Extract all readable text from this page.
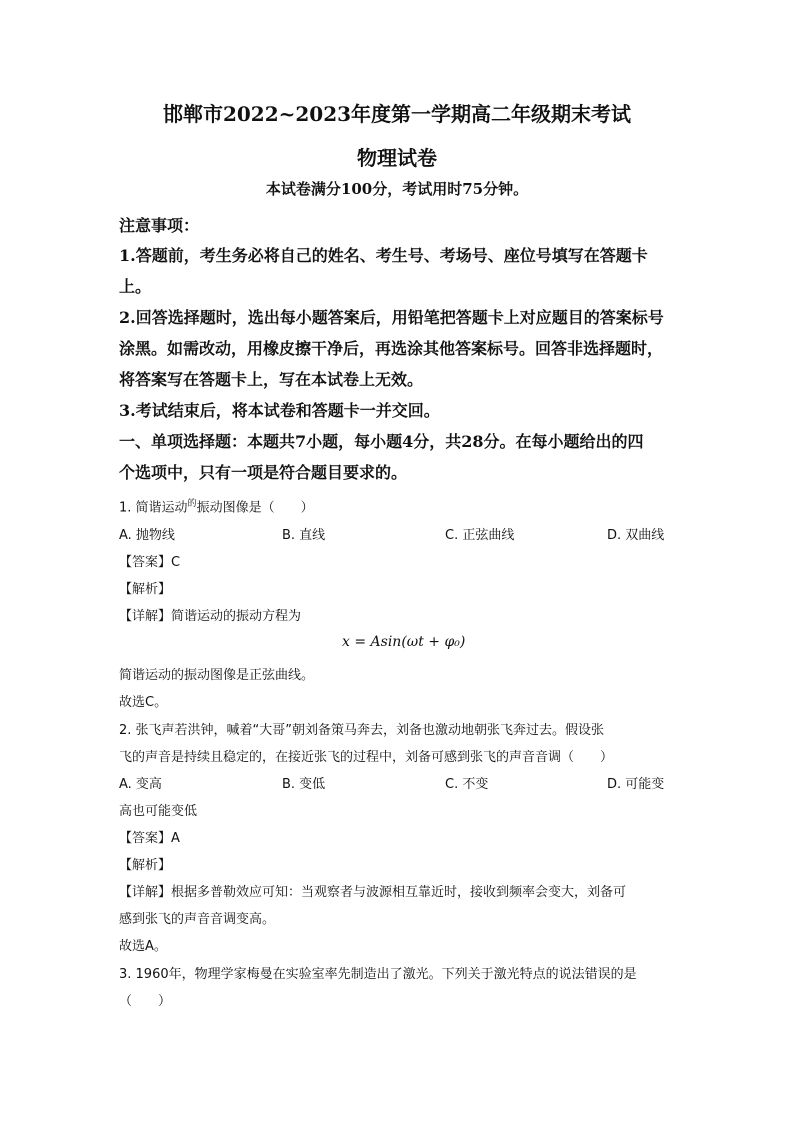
邯郸市2022~2023年度第一学期高二年级期末考试
物理试卷
本试卷满分100分，考试用时75分钟。
注意事项：
1.答题前，考生务必将自己的姓名、考生号、考场号、座位号填写在答题卡
上。
2.回答选择题时，选出每小题答案后，用铅笔把答题卡上对应题目的答案标号
涂黑。如需改动，用橡皮擦干净后，再选涂其他答案标号。回答非选择题时，
将答案写在答题卡上，写在本试卷上无效。
3.考试结束后，将本试卷和答题卡一并交回。
一、单项选择题：本题共7小题，每小题4分，共28分。在每小题给出的四
个选项中，只有一项是符合题目要求的。
1. 简谐运动$^的$振动图像是（　　）
A. 抛物线	B. 直线	C. 正弦曲线	D. 双曲线
【答案】C
【解析】
【详解】简谐运动的振动方程为
x = Asin(ωt + φ₀)
简谐运动的振动图像是正弦曲线。
故选C。
2. 张飞声若洪钟，喊着“大哥”朝刘备策马奔去，刘备也激动地朝张飞奔过去。假设张
飞的声音是持续且稳定的，在接近张飞的过程中，刘备可感到张飞的声音音调（　　）
A. 变高	B. 变低	C. 不变	D. 可能变
高也可能变低
【答案】A
【解析】
【详解】根据多普勒效应可知：当观察者与波源相互靠近时，接收到频率会变大，刘备可
感到张飞的声音音调变高。
故选A。
3. 1960年，物理学家梅曼在实验室率先制造出了激光。下列关于激光特点的说法错误的是
（　　）
